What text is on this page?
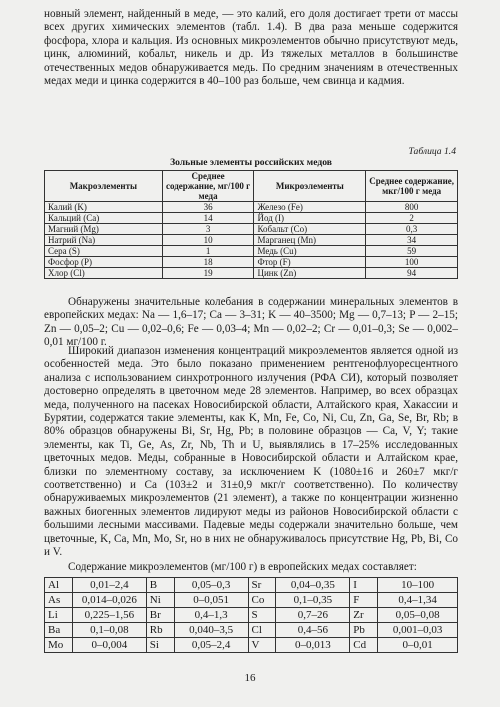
новный элемент, найденный в меде, — это калий, его доля достигает трети от массы всех других химических элементов (табл. 1.4). В два раза меньше содержится фосфора, хлора и кальция. Из основных микроэлементов обычно присутствуют медь, цинк, алюминий, кобальт, никель и др. Из тяжелых металлов в большинстве отечественных медов обнаруживается медь. По средним значениям в отечественных медах меди и цинка содержится в 40–100 раз больше, чем свинца и кадмия.

Таблица 1.4
Зольные элементы российских медов
Макроэлементы	Среднее содержание, мг/100 г меда	Микроэлементы	Среднее содержание, мкг/100 г меда
Калий (K)	36	Железо (Fe)	800
Кальций (Ca)	14	Йод (I)	2
Магний (Mg)	3	Кобальт (Co)	0,3
Натрий (Na)	10	Марганец (Mn)	34
Сера (S)	1	Медь (Cu)	59
Фосфор (P)	18	Фтор (F)	100
Хлор (Cl)	19	Цинк (Zn)	94

Обнаружены значительные колебания в содержании минеральных элементов в европейских медах: Na — 1,6–17; Ca — 3–31; K — 40–3500; Mg — 0,7–13; P — 2–15; Zn — 0,05–2; Cu — 0,02–0,6; Fe — 0,03–4; Mn — 0,02–2; Cr — 0,01–0,3; Se — 0,002–0,01 мг/100 г.

Широкий диапазон изменения концентраций микроэлементов является одной из особенностей меда. Это было показано применением рентгенофлуоресцентного анализа с использованием синхротронного излучения (РФА СИ), который позволяет достоверно определять в цветочном меде 28 элементов. Например, во всех образцах меда, полученного на пасеках Новосибирской области, Алтайского края, Хакассии и Бурятии, содержатся такие элементы, как K, Mn, Fe, Co, Ni, Cu, Zn, Ga, Se, Br, Rb; в 80% образцов обнаружены Bi, Sr, Hg, Pb; в половине образцов — Ca, V, Y; такие элементы, как Ti, Ge, As, Zr, Nb, Th и U, выявлялись в 17–25% исследованных цветочных медов. Меды, собранные в Новосибирской области и Алтайском крае, близки по элементному составу, за исключением K (1080±16 и 260±7 мкг/г соответственно) и Ca (103±2 и 31±0,9 мкг/г соответственно). По количеству обнаруживаемых микроэлементов (21 элемент), а также по концентрации жизненно важных биогенных элементов лидируют меды из районов Новосибирской области с большими лесными массивами. Падевые меды содержали значительно больше, чем цветочные, K, Ca, Mn, Mo, Sr, но в них не обнаруживалось присутствие Hg, Pb, Bi, Co и V.

Содержание микроэлементов (мг/100 г) в европейских медах составляет:

Al	0,01–2,4	B	0,05–0,3	Sr	0,04–0,35	I	10–100
As	0,014–0,026	Ni	0–0,051	Co	0,1–0,35	F	0,4–1,34
Li	0,225–1,56	Br	0,4–1,3	S	0,7–26	Zr	0,05–0,08
Ba	0,1–0,08	Rb	0,040–3,5	Cl	0,4–56	Pb	0,001–0,03
Mo	0–0,004	Si	0,05–2,4	V	0–0,013	Cd	0–0,01
16
